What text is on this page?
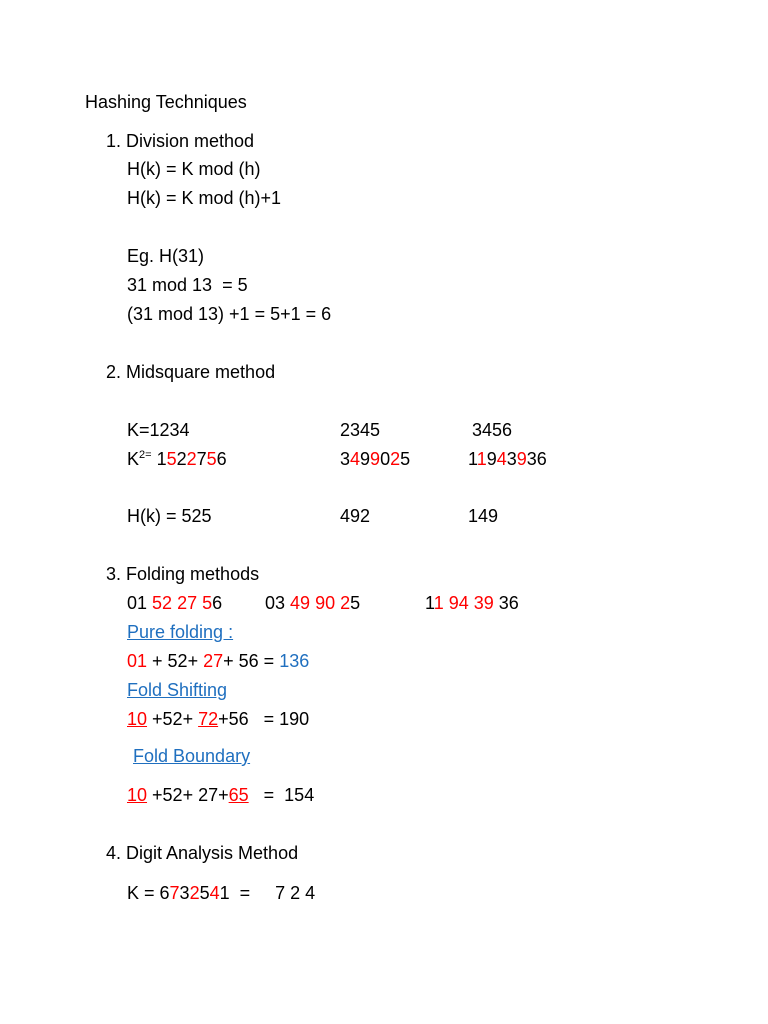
Hashing Techniques
1. Division method
H(k) = K mod (h)
H(k) = K mod (h)+1
Eg. H(31)
31 mod 13  = 5
(31 mod 13) +1 = 5+1 = 6
2. Midsquare method
K=1234	2345	3456
$K^{2=}$ 1522756	3499025	11943936
H(k) = 525	492	149
3. Folding methods
01 52 27 56 03 49 90 25	11 94 39 36
Pure folding :
01 + 52+ 27+ 56 = 136
Fold Shifting
10 +52+ 72+56   = 190
Fold Boundary
10 +52+ 27+65   =  154
4. Digit Analysis Method
K = 6732541  =     7 2 4
